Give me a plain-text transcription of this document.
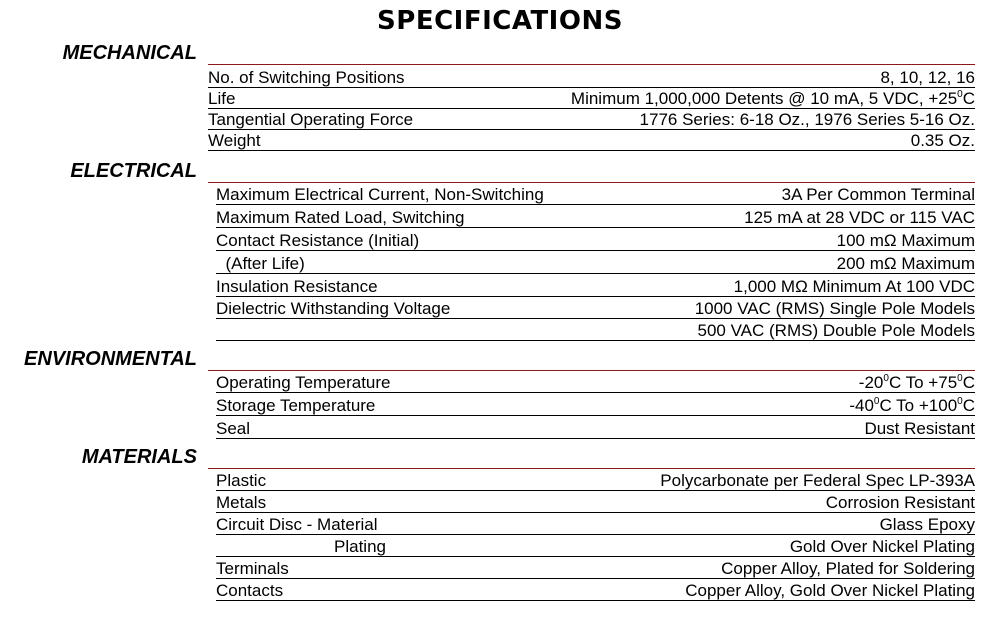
SPECIFICATIONS
MECHANICAL
No. of Switching Positions	8, 10, 12, 16
Life	Minimum 1,000,000 Detents @ 10 mA, 5 VDC, $+25^0C$
Tangential Operating Force	1776 Series: 6-18 Oz., 1976 Series 5-16 Oz.
Weight	0.35 Oz.
ELECTRICAL
Maximum Electrical Current, Non-Switching	3A Per Common Terminal
Maximum Rated Load, Switching	125 mA at 28 VDC or 115 VAC
Contact Resistance (Initial)	100 mΩ Maximum
(After Life)	200 mΩ Maximum
Insulation Resistance	1,000 MΩ Minimum At 100 VDC
Dielectric Withstanding Voltage	1000 VAC (RMS) Single Pole Models
500 VAC (RMS) Double Pole Models
ENVIRONMENTAL
Operating Temperature	$-20^0C$ $To +75^0C$
Storage Temperature	$-40^0C$ $To +100^0C$
Seal	Dust Resistant
MATERIALS
Plastic	Polycarbonate per Federal Spec LP-393A
Metals	Corrosion Resistant
Circuit Disc - Material	Glass Epoxy
Plating	Gold Over Nickel Plating
Terminals	Copper Alloy, Plated for Soldering
Contacts	Copper Alloy, Gold Over Nickel Plating
